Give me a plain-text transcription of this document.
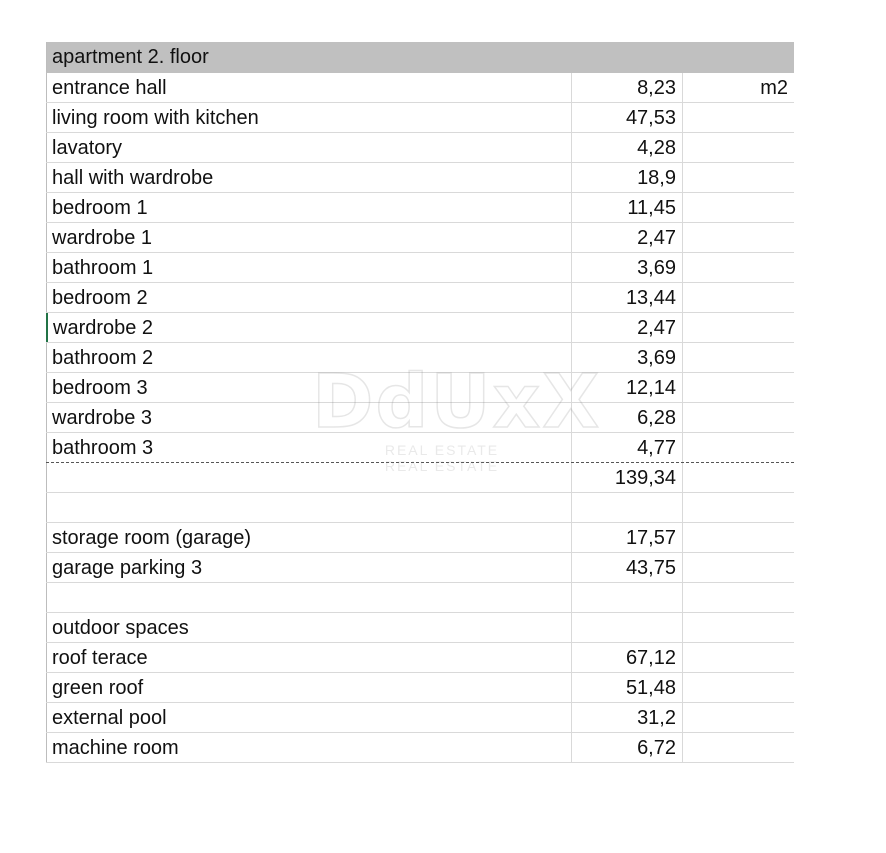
apartment 2. floor
entrance hall	8,23	m2
living room with kitchen	47,53
lavatory	4,28
hall with wardrobe	18,9
bedroom 1	11,45
wardrobe 1	2,47
bathroom 1	3,69
bedroom 2	13,44
wardrobe 2	2,47
bathroom 2	3,69
bedroom 3	12,14
wardrobe 3	6,28
bathroom 3	4,77
139,34
storage room (garage)	17,57
garage parking 3	43,75
outdoor spaces
roof terace	67,12
green roof	51,48
external pool	31,2
machine room	6,72
DdUxX
REAL ESTATE
REAL ESTATE
